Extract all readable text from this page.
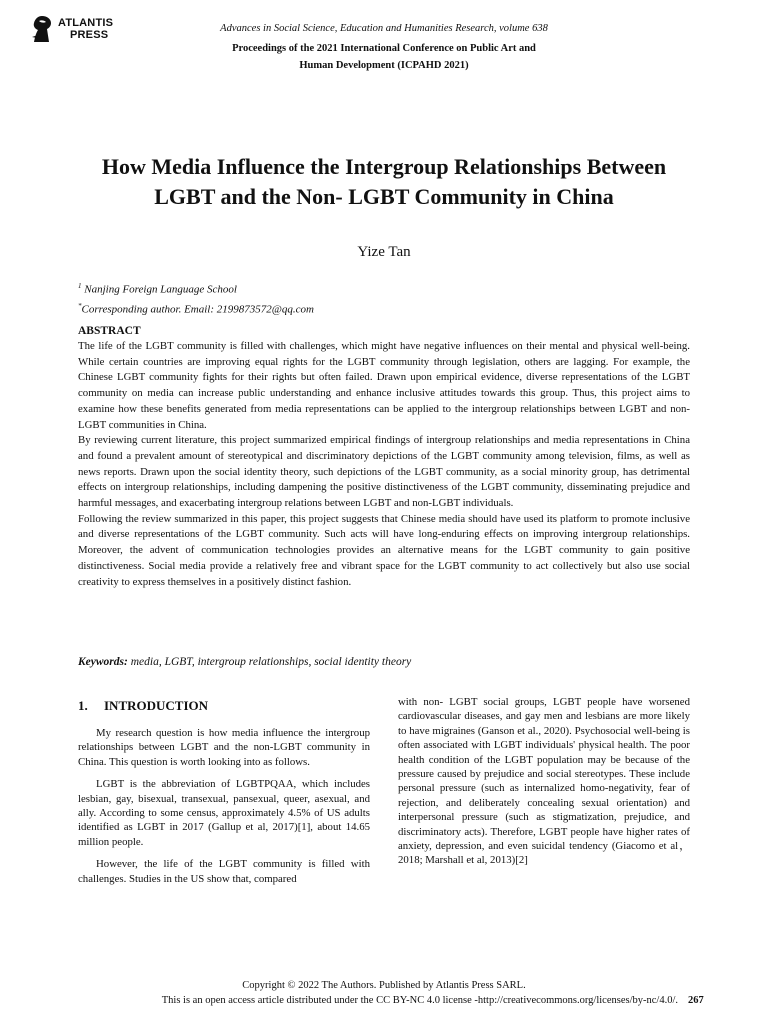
ATLANTIS
PRESS
Advances in Social Science, Education and Humanities Research, volume 638
Proceedings of the 2021 International Conference on Public Art and
Human Development (ICPAHD 2021)
How Media Influence the Intergroup Relationships Between LGBT and the Non- LGBT Community in China
Yize Tan
$^1$ Nanjing Foreign Language School
*Corresponding author. Email: 2199873572@qq.com
ABSTRACT

The life of the LGBT community is filled with challenges, which might have negative influences on their mental and physical well-being. While certain countries are improving equal rights for the LGBT community through legislation, others are lagging. For example, the Chinese LGBT community fights for their rights but often failed. Drawn upon empirical evidence, diverse representations of the LGBT community on media can increase public understanding and enhance inclusive attitudes towards this group. Thus, this project aims to examine how these benefits generated from media representations can be applied to the intergroup relationships between LGBT and non-LGBT communities in China.

By reviewing current literature, this project summarized empirical findings of intergroup relationships and media representations in China and found a prevalent amount of stereotypical and discriminatory depictions of the LGBT community among television, films, as well as news reports. Drawn upon the social identity theory, such depictions of the LGBT community, as a social minority group, has detrimental effects on intergroup relationships, including dampening the positive distinctiveness of the LGBT community, disseminating prejudice and harmful messages, and exacerbating intergroup relations between LGBT and non-LGBT individuals.

Following the review summarized in this paper, this project suggests that Chinese media should have used its platform to promote inclusive and diverse representations of the LGBT community. Such acts will have long-enduring effects on improving intergroup relationships. Moreover, the advent of communication technologies provides an alternative means for the LGBT community to gain positive distinctiveness. Social media provide a relatively free and vibrant space for the LGBT community to act collectively but also use social creativity to express themselves in a positively distinct fashion.

Keywords: media, LGBT, intergroup relationships, social identity theory
1. INTRODUCTION

My research question is how media influence the intergroup relationships between LGBT and the non-LGBT community in China. This question is worth looking into as follows.

LGBT is the abbreviation of LGBTPQAA, which includes lesbian, gay, bisexual, transexual, pansexual, queer, asexual, and ally. According to some census, approximately 4.5% of US adults identified as LGBT in 2017 (Gallup et al, 2017)[1], about 14.65 million people.

However, the life of the LGBT community is filled with challenges. Studies in the US show that, compared

with non- LGBT social groups, LGBT people have worsened cardiovascular diseases, and gay men and lesbians are more likely to have migraines (Ganson et al., 2020). Psychosocial well-being is often associated with LGBT individuals' physical health. The poor health condition of the LGBT population may be because of the pressure caused by prejudice and social stereotypes. These include personal pressure (such as internalized homo-negativity, fear of rejection, and deliberately concealing sexual orientation) and interpersonal pressure (such as stigmatization, prejudice, and discriminatory acts). Therefore, LGBT people have higher rates of anxiety, depression, and even suicidal tendency (Giacomo et al，2018; Marshall et al, 2013)[2]

Copyright © 2022 The Authors. Published by Atlantis Press SARL.
This is an open access article distributed under the CC BY-NC 4.0 license -http://creativecommons.org/licenses/by-nc/4.0/. 267
